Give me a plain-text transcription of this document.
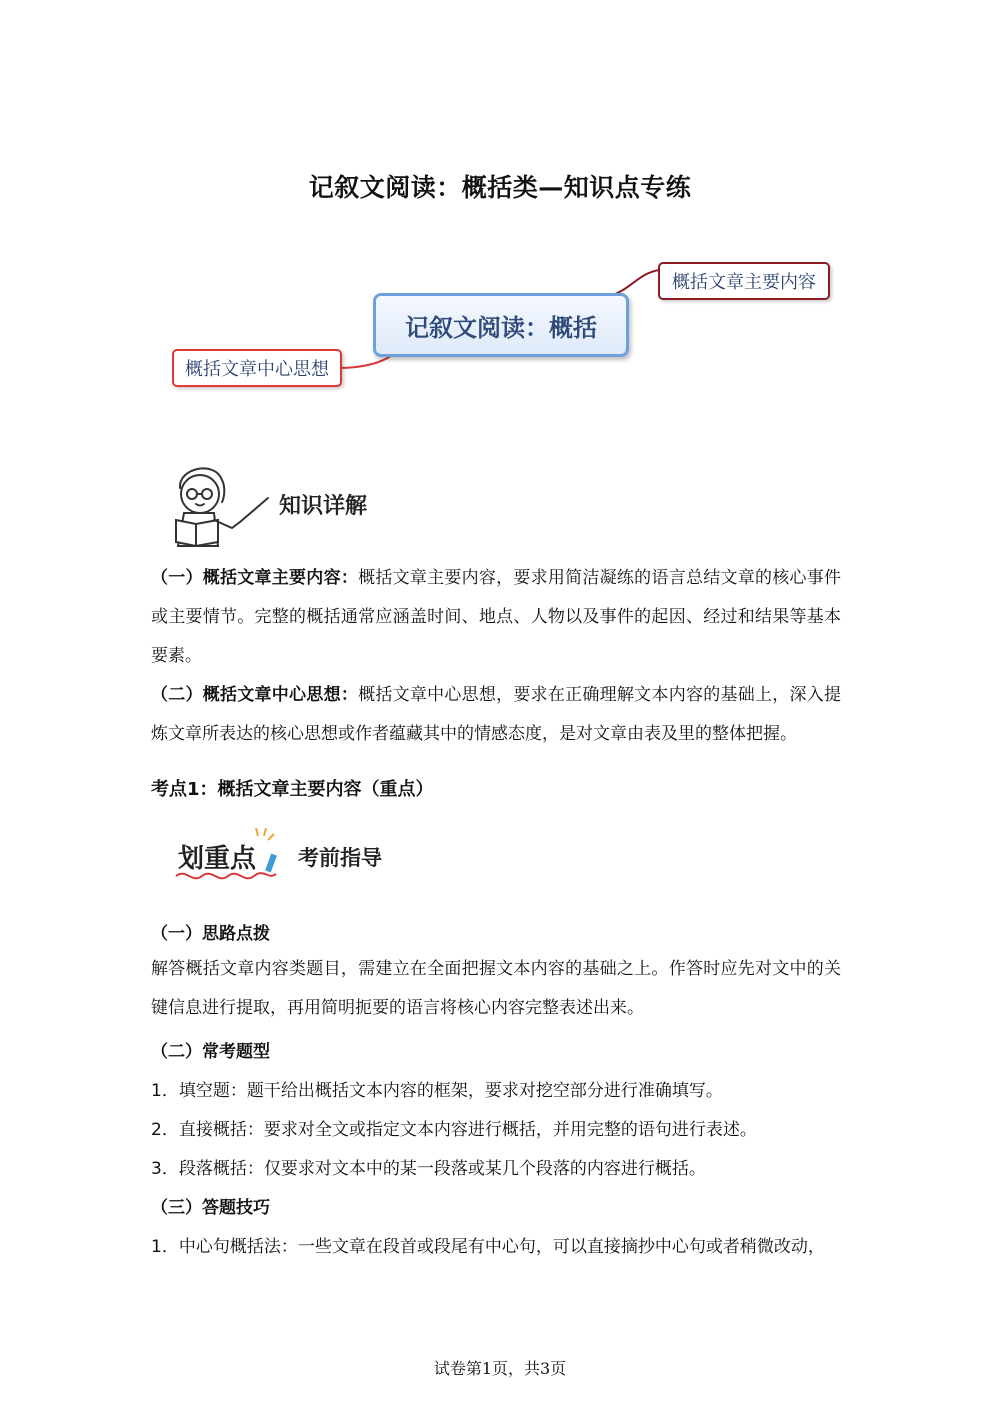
记叙文阅读：概括类—知识点专练
记叙文阅读：概括
概括文章主要内容
概括文章中心思想
知识详解
（一）概括文章主要内容：概括文章主要内容，要求用简洁凝练的语言总结文章的核心事件或主要情节。完整的概括通常应涵盖时间、地点、人物以及事件的起因、经过和结果等基本要素。
（二）概括文章中心思想：概括文章中心思想，要求在正确理解文本内容的基础上，深入提炼文章所表达的核心思想或作者蕴藏其中的情感态度，是对文章由表及里的整体把握。
考点1：概括文章主要内容（重点）
划重点 考前指导
（一）思路点拨
解答概括文章内容类题目，需建立在全面把握文本内容的基础之上。作答时应先对文中的关键信息进行提取，再用简明扼要的语言将核心内容完整表述出来。
（二）常考题型
1．填空题：题干给出概括文本内容的框架，要求对挖空部分进行准确填写。
2．直接概括：要求对全文或指定文本内容进行概括，并用完整的语句进行表述。
3．段落概括：仅要求对文本中的某一段落或某几个段落的内容进行概括。
（三）答题技巧
1．中心句概括法：一些文章在段首或段尾有中心句，可以直接摘抄中心句或者稍微改动，
试卷第1页，共3页
